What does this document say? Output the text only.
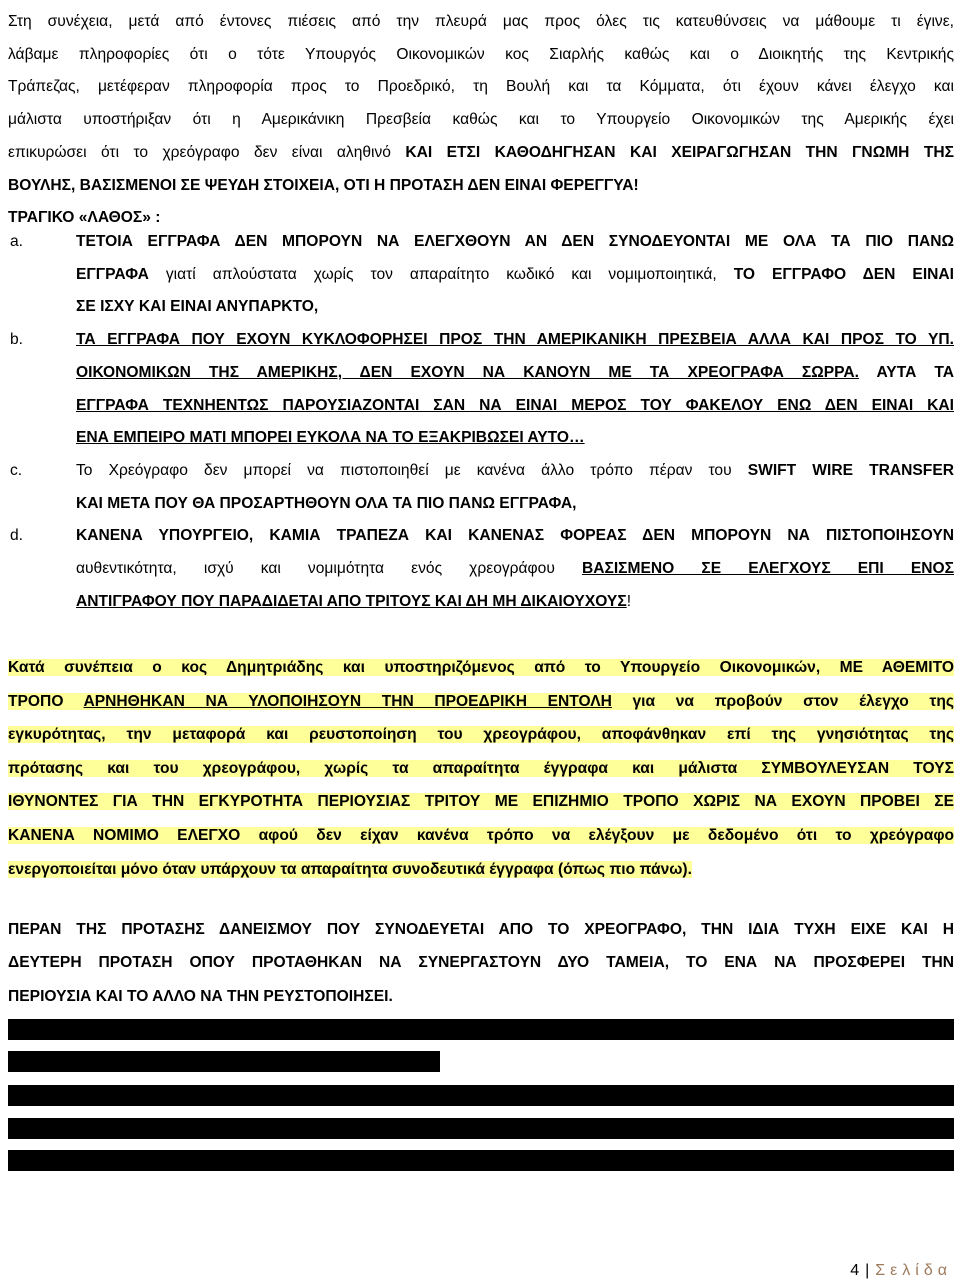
Στη συνέχεια, μετά από έντονες πιέσεις από την πλευρά μας προς όλες τις κατευθύνσεις να μάθουμε τι έγινε,
λάβαμε πληροφορίες ότι ο τότε Υπουργός Οικονομικών κος Σιαρλής καθώς και ο Διοικητής της Κεντρικής
Τράπεζας, μετέφεραν πληροφορία προς το Προεδρικό, τη Βουλή και τα Κόμματα, ότι έχουν κάνει έλεγχο και
μάλιστα υποστήριξαν ότι η Αμερικάνικη Πρεσβεία καθώς και το Υπουργείο Οικονομικών της Αμερικής έχει
επικυρώσει ότι το χρεόγραφο δεν είναι αληθινό ΚΑΙ ΕΤΣΙ ΚΑΘΟΔΗΓΗΣΑΝ ΚΑΙ ΧΕΙΡΑΓΩΓΗΣΑΝ ΤΗΝ ΓΝΩΜΗ ΤΗΣ
ΒΟΥΛΗΣ, ΒΑΣΙΣΜΕΝΟΙ ΣΕ ΨΕΥΔΗ ΣΤΟΙΧΕΙΑ, ΟΤΙ Η ΠΡΟΤΑΣΗ ΔΕΝ ΕΙΝΑΙ ΦΕΡΕΓΓΥΑ!
ΤΡΑΓΙΚΟ «ΛΑΘΟΣ» :
a.	ΤΕΤΟΙΑ ΕΓΓΡΑΦΑ ΔΕΝ ΜΠΟΡΟΥΝ ΝΑ ΕΛΕΓΧΘΟΥΝ ΑΝ ΔΕΝ ΣΥΝΟΔΕΥΟΝΤΑΙ ΜΕ ΟΛΑ ΤΑ ΠΙΟ ΠΑΝΩ
ΕΓΓΡΑΦΑ γιατί απλούστατα χωρίς τον απαραίτητο κωδικό και νομιμοποιητικά, ΤΟ ΕΓΓΡΑΦΟ ΔΕΝ ΕΙΝΑΙ
ΣΕ ΙΣΧΥ ΚΑΙ ΕΙΝΑΙ ΑΝΥΠΑΡΚΤΟ,
b.	ΤΑ ΕΓΓΡΑΦΑ ΠΟΥ ΕΧΟΥΝ ΚΥΚΛΟΦΟΡΗΣΕΙ ΠΡΟΣ ΤΗΝ ΑΜΕΡΙΚΑΝΙΚΗ ΠΡΕΣΒΕΙΑ ΑΛΛΑ ΚΑΙ ΠΡΟΣ ΤΟ ΥΠ.
ΟΙΚΟΝΟΜΙΚΩΝ ΤΗΣ ΑΜΕΡΙΚΗΣ, ΔΕΝ ΕΧΟΥΝ ΝΑ ΚΑΝΟΥΝ ΜΕ ΤΑ ΧΡΕΟΓΡΑΦΑ ΣΩΡΡΑ. ΑΥΤΑ ΤΑ
ΕΓΓΡΑΦΑ ΤΕΧΝΗΕΝΤΩΣ ΠΑΡΟΥΣΙΑΖΟΝΤΑΙ ΣΑΝ ΝΑ ΕΙΝΑΙ ΜΕΡΟΣ ΤΟΥ ΦΑΚΕΛΟΥ ΕΝΩ ΔΕΝ ΕΙΝΑΙ ΚΑΙ
ΕΝΑ ΕΜΠΕΙΡΟ ΜΑΤΙ ΜΠΟΡΕΙ ΕΥΚΟΛΑ ΝΑ ΤΟ ΕΞΑΚΡΙΒΩΣΕΙ ΑΥΤΟ…
c.	Το Χρεόγραφο δεν μπορεί να πιστοποιηθεί με κανένα άλλο τρόπο πέραν του SWIFT WIRE TRANSFER
ΚΑΙ ΜΕΤΑ ΠΟΥ ΘΑ ΠΡΟΣΑΡΤΗΘΟΥΝ ΟΛΑ ΤΑ ΠΙΟ ΠΑΝΩ ΕΓΓΡΑΦΑ,
d.	ΚΑΝΕΝΑ ΥΠΟΥΡΓΕΙΟ, ΚΑΜΙΑ ΤΡΑΠΕΖΑ ΚΑΙ ΚΑΝΕΝΑΣ ΦΟΡΕΑΣ ΔΕΝ ΜΠΟΡΟΥΝ ΝΑ ΠΙΣΤΟΠΟΙΗΣΟΥΝ
αυθεντικότητα, ισχύ και νομιμότητα ενός χρεογράφου ΒΑΣΙΣΜΕΝΟ ΣΕ ΕΛΕΓΧΟΥΣ ΕΠΙ ΕΝΟΣ
ΑΝΤΙΓΡΑΦΟΥ ΠΟΥ ΠΑΡΑΔΙΔΕΤΑΙ ΑΠΟ ΤΡΙΤΟΥΣ ΚΑΙ ΔΗ ΜΗ ΔΙΚΑΙΟΥΧΟΥΣ!
Κατά συνέπεια ο κος Δημητριάδης και υποστηριζόμενος από το Υπουργείο Οικονομικών, ΜΕ ΑΘΕΜΙΤΟ
ΤΡΟΠΟ ΑΡΝΗΘΗΚΑΝ ΝΑ ΥΛΟΠΟΙΗΣΟΥΝ ΤΗΝ ΠΡΟΕΔΡΙΚΗ ΕΝΤΟΛΗ για να προβούν στον έλεγχο της
εγκυρότητας, την μεταφορά και ρευστοποίηση του χρεογράφου, αποφάνθηκαν επί της γνησιότητας της
πρότασης και του χρεογράφου, χωρίς τα απαραίτητα έγγραφα και μάλιστα ΣΥΜΒΟΥΛΕΥΣΑΝ ΤΟΥΣ
ΙΘΥΝΟΝΤΕΣ ΓΙΑ ΤΗΝ ΕΓΚΥΡΟΤΗΤΑ ΠΕΡΙΟΥΣΙΑΣ ΤΡΙΤΟΥ ΜΕ ΕΠΙΖΗΜΙΟ ΤΡΟΠΟ ΧΩΡΙΣ ΝΑ ΕΧΟΥΝ ΠΡΟΒΕΙ ΣΕ
ΚΑΝΕΝΑ ΝΟΜΙΜΟ ΕΛΕΓΧΟ αφού δεν είχαν κανένα τρόπο να ελέγξουν με δεδομένο ότι το χρεόγραφο
ενεργοποιείται μόνο όταν υπάρχουν τα απαραίτητα συνοδευτικά έγγραφα (όπως πιο πάνω).
ΠΕΡΑΝ ΤΗΣ ΠΡΟΤΑΣΗΣ ΔΑΝΕΙΣΜΟΥ ΠΟΥ ΣΥΝΟΔΕΥΕΤΑΙ ΑΠΟ ΤΟ ΧΡΕΟΓΡΑΦΟ, ΤΗΝ ΙΔΙΑ ΤΥΧΗ ΕΙΧΕ ΚΑΙ Η
ΔΕΥΤΕΡΗ ΠΡΟΤΑΣΗ ΟΠΟΥ ΠΡΟΤΑΘΗΚΑΝ ΝΑ ΣΥΝΕΡΓΑΣΤΟΥΝ ΔΥΟ ΤΑΜΕΙΑ, ΤΟ ΕΝΑ ΝΑ ΠΡΟΣΦΕΡΕΙ ΤΗΝ
ΠΕΡΙΟΥΣΙΑ ΚΑΙ ΤΟ ΑΛΛΟ ΝΑ ΤΗΝ ΡΕΥΣΤΟΠΟΙΗΣΕΙ.
4 | Σελίδα
